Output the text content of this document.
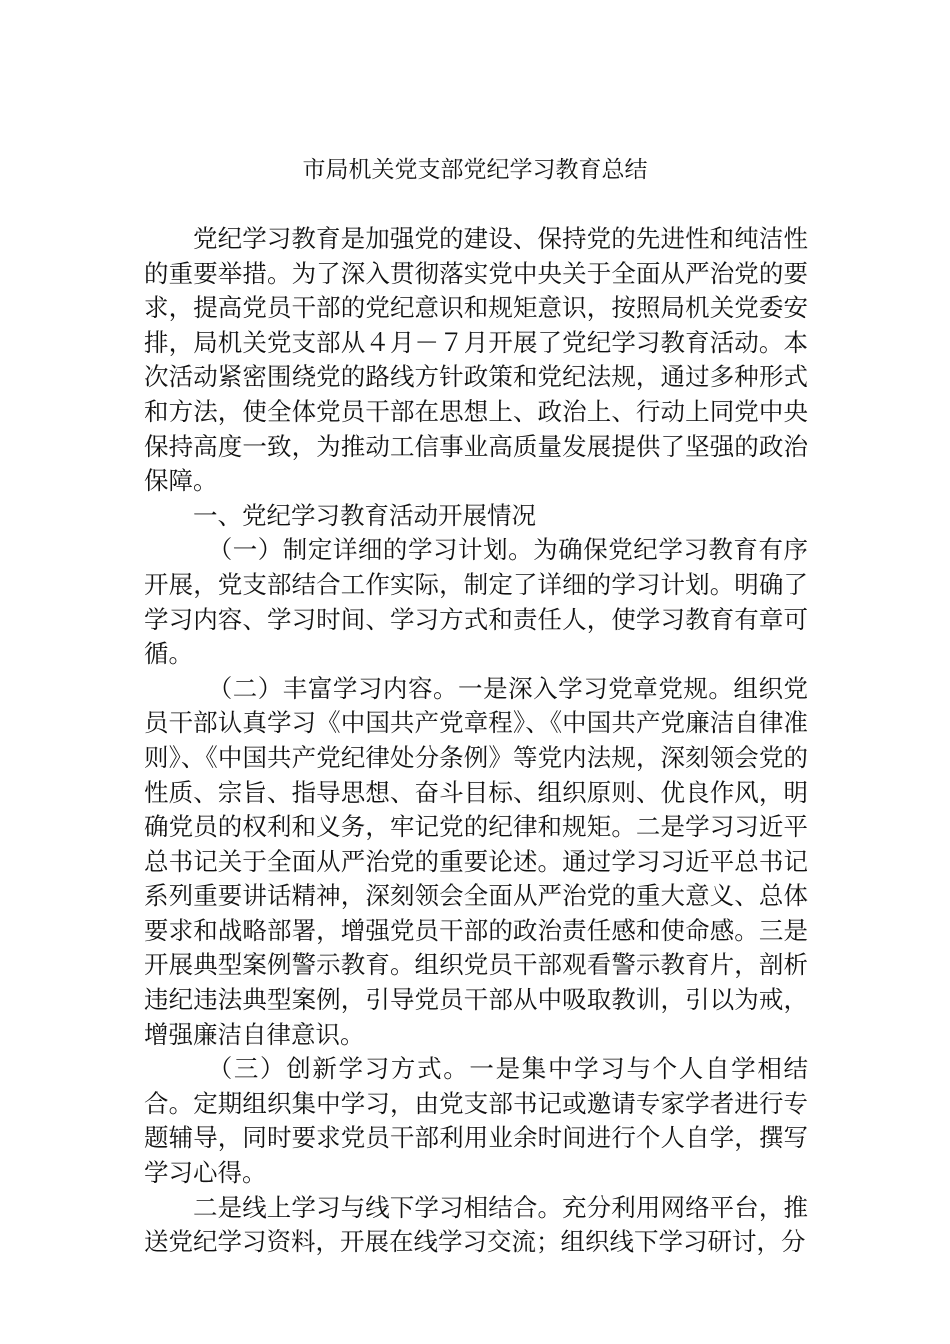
市局机关党支部党纪学习教育总结

党纪学习教育是加强党的建设、保持党的先进性和纯洁性的重要举措。为了深入贯彻落实党中央关于全面从严治党的要求，提高党员干部的党纪意识和规矩意识，按照局机关党委安排，局机关党支部从４月－７月开展了党纪学习教育活动。本次活动紧密围绕党的路线方针政策和党纪法规，通过多种形式和方法，使全体党员干部在思想上、政治上、行动上同党中央保持高度一致，为推动工信事业高质量发展提供了坚强的政治保障。

一、党纪学习教育活动开展情况

（一）制定详细的学习计划。为确保党纪学习教育有序开展，党支部结合工作实际，制定了详细的学习计划。明确了学习内容、学习时间、学习方式和责任人，使学习教育有章可循。

（二）丰富学习内容。一是深入学习党章党规。组织党员干部认真学习《中国共产党章程》、《中国共产党廉洁自律准则》、《中国共产党纪律处分条例》等党内法规，深刻领会党的性质、宗旨、指导思想、奋斗目标、组织原则、优良作风，明确党员的权利和义务，牢记党的纪律和规矩。二是学习习近平总书记关于全面从严治党的重要论述。通过学习习近平总书记系列重要讲话精神，深刻领会全面从严治党的重大意义、总体要求和战略部署，增强党员干部的政治责任感和使命感。三是开展典型案例警示教育。组织党员干部观看警示教育片，剖析违纪违法典型案例，引导党员干部从中吸取教训，引以为戒，增强廉洁自律意识。

（三）创新学习方式。一是集中学习与个人自学相结合。定期组织集中学习，由党支部书记或邀请专家学者进行专题辅导，同时要求党员干部利用业余时间进行个人自学，撰写学习心得。

二是线上学习与线下学习相结合。充分利用网络平台，推送党纪学习资料，开展在线学习交流；组织线下学习研讨，分
